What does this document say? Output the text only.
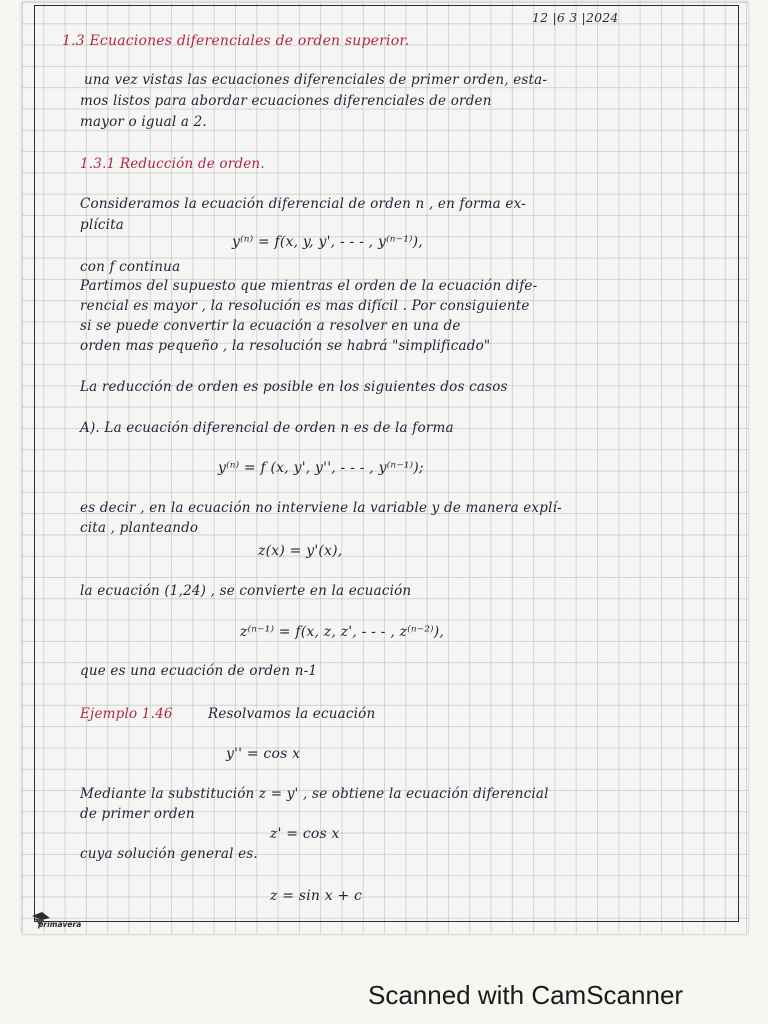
12 |6 3 |2024
1.3 Ecuaciones diferenciales de orden superior.
una vez vistas las ecuaciones diferenciales de primer orden, esta-
mos listos para abordar ecuaciones diferenciales de orden
mayor o igual a 2.
1.3.1 Reducción de orden.
Consideramos la ecuación diferencial de orden n , en forma ex-
plícita
y⁽ⁿ⁾ = f(x, y, y', - - - , y⁽ⁿ⁻¹⁾),
con f continua
Partimos del supuesto que mientras el orden de la ecuación dife-
rencial es mayor , la resolución es mas difícil . Por consiguiente
si se puede convertir la ecuación a resolver en una de
orden mas pequeño , la resolución se habrá "simplificado"
La reducción de orden es posible en los siguientes dos casos
A). La ecuación diferencial de orden n es de la forma
y⁽ⁿ⁾ = f (x, y', y'', - - - , y⁽ⁿ⁻¹⁾);
es decir , en la ecuación no interviene la variable y de manera explí-
cita , planteando
z(x) = y'(x),
la ecuación (1,24) , se convierte en la ecuación
z⁽ⁿ⁻¹⁾ = f(x, z, z', - - - , z⁽ⁿ⁻²⁾),
que es una ecuación de orden n-1
Ejemplo 1.46	Resolvamos la ecuación
y'' = cos x
Mediante la substitución z = y' , se obtiene la ecuación diferencial
de primer orden
z' = cos x
cuya solución general es.
z = sin x + c
primavera
Scanned with CamScanner
